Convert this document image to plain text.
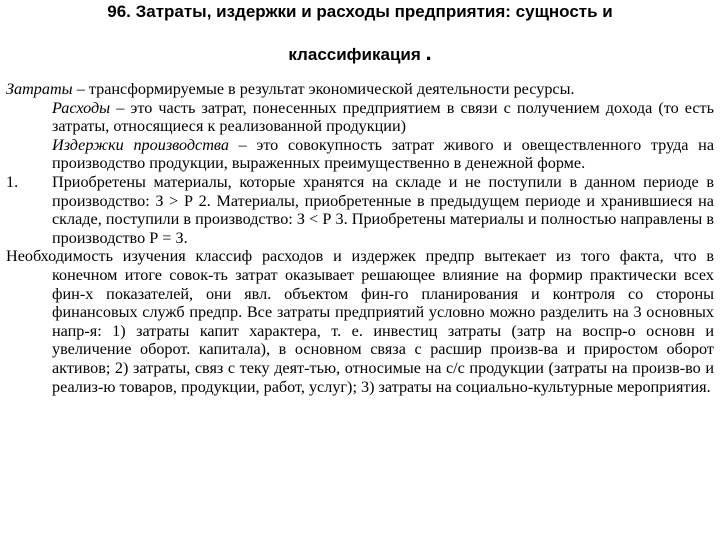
96. Затраты, издержки и расходы предприятия: сущность и
классификация .

Затраты – трансформируемые в результат экономической деятельности ресурсы.

Расходы – это часть затрат, понесенных предприятием в связи с получением дохода (то есть затраты, относящиеся к реализованной продукции)

Издержки производства – это совокупность затрат живого и овеществленного труда на производство продукции, выраженных преимущественно в денежной форме.

1. Приобретены материалы, которые хранятся на складе и не поступили в данном периоде в производство: З > Р 2. Материалы, приобретенные в предыдущем периоде и хранившиеся на складе, поступили в производство: З < Р 3. Приобретены материалы и полностью направлены в производство Р = З.

Необходимость изучения классиф расходов и издержек предпр вытекает из того факта, что в конечном итоге совок-ть затрат оказывает решающее влияние на формир практически всех фин-х показателей, они явл. объектом фин-го планирования и контроля со стороны финансовых служб предпр. Все затраты предприятий условно можно разделить на 3 основных напр-я: 1) затраты капит характера, т. е. инвестиц затраты (затр на воспр-о основн и увеличение оборот. капитала), в основном связа с расшир произв-ва и приростом оборот активов; 2) затраты, связ с теку деят-тью, относимые на с/с продукции (затраты на произв-во и реализ-ю товаров, продукции, работ, услуг); 3) затраты на социально-культурные мероприятия.
